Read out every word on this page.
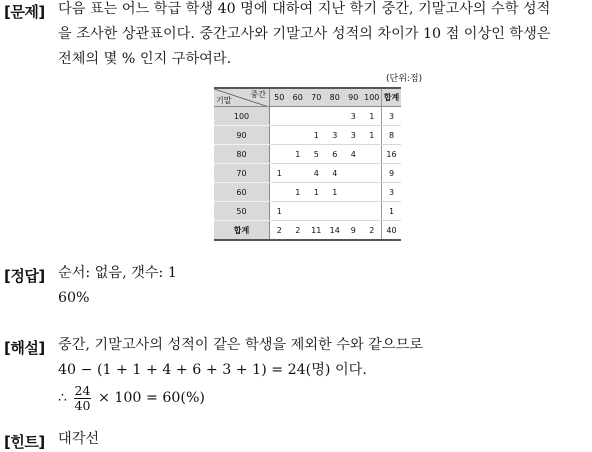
[문제] 다음 표는 어느 학급 학생 40 명에 대하여 지난 학기 중간, 기말고사의 수학 성적
을 조사한 상관표이다. 중간고사와 기말고사 성적의 차이가 10 점 이상인 학생은
전체의 몇 % 인지 구하여라.
(단위:점)
중간
기말	50	60	70	80	90	100	합계
100					3	1	3
90			1	3	3	1	8
80		1	5	6	4		16
70	1		4	4			9
60		1	1	1			3
50	1						1
합계	2	2	11	14	9	2	40
[정답] 순서: 없음, 갯수: 1
60%
[해설] 중간, 기말고사의 성적이 같은 학생을 제외한 수와 같으므로
40 − (1 + 1 + 4 + 6 + 3 + 1) = 24(명) 이다.
∴ $\frac{24}{40} \times 100 = 60(\%)$
[힌트] 대각선
